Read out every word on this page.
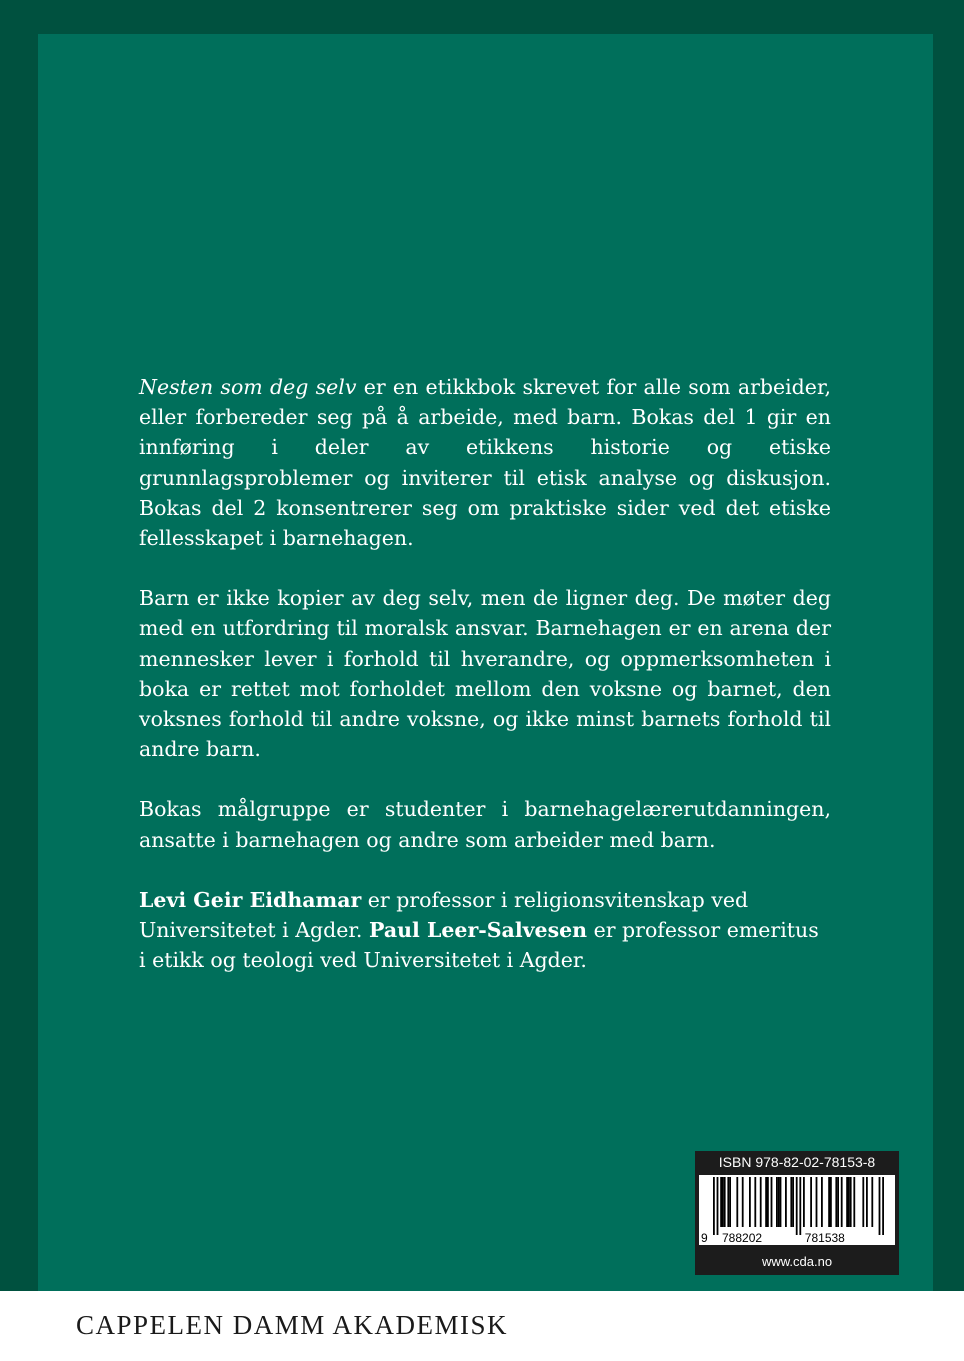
Nesten som deg selv er en etikkbok skrevet for alle som arbeider, eller forbereder seg på å arbeide, med barn. Bokas del 1 gir en innføring i deler av etikkens historie og etiske grunnlagsproblemer og inviterer til etisk analyse og diskusjon. Bokas del 2 konsentrerer seg om praktiske sider ved det etiske fellesskapet i barnehagen.

Barn er ikke kopier av deg selv, men de ligner deg. De møter deg med en utfordring til moralsk ansvar. Barnehagen er en arena der mennesker lever i forhold til hverandre, og oppmerksomheten i boka er rettet mot forholdet mellom den voksne og barnet, den voksnes forhold til andre voksne, og ikke minst barnets forhold til andre barn.

Bokas målgruppe er studenter i barnehagelærerutdanningen, ansatte i barnehagen og andre som arbeider med barn.

Levi Geir Eidhamar er professor i religionsvitenskap ved Universitetet i Agder. Paul Leer-Salvesen er professor emeritus i etikk og teologi ved Universitetet i Agder.

ISBN 978-82-02-78153-8
9 788202	781538
www.cda.no
CAPPELEN DAMM AKADEMISK
